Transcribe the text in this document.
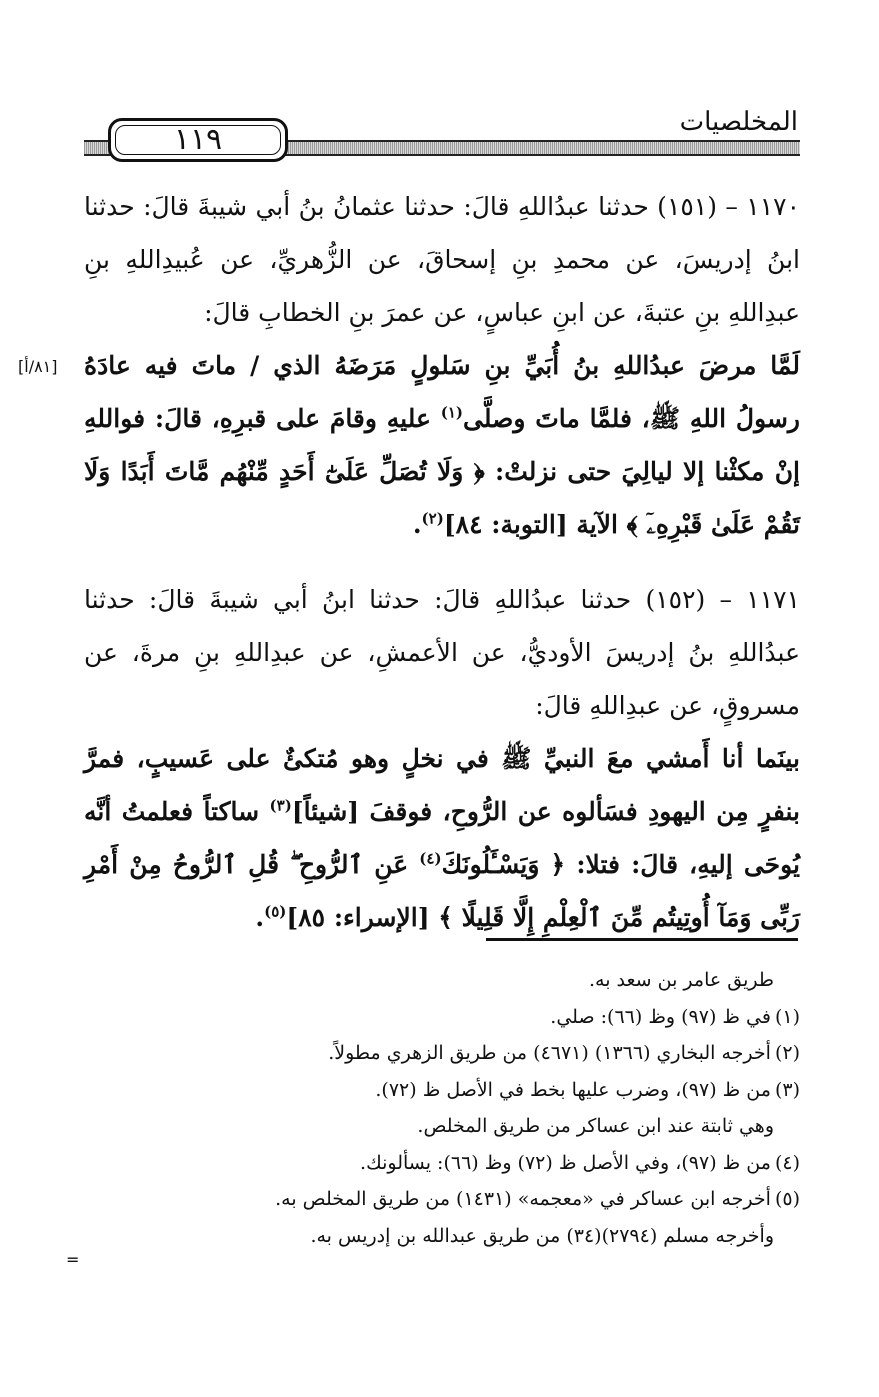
١١٩	المخلصيات
[٨١/أ]

١١٧٠ – (١٥١) حدثنا عبدُاللهِ قالَ: حدثنا عثمانُ بنُ أبي شيبةَ قالَ: حدثنا ابنُ إدريسَ، عن محمدِ بنِ إسحاقَ، عن الزُّهريِّ، عن عُبيدِاللهِ بنِ عبدِاللهِ بنِ عتبةَ، عن ابنِ عباسٍ، عن عمرَ بنِ الخطابِ قالَ:

لَمَّا مرضَ عبدُاللهِ بنُ أُبَيِّ بنِ سَلولٍ مَرَضَهُ الذي / ماتَ فيه عادَهُ رسولُ اللهِ ﷺ، فلمَّا ماتَ وصلَّى$^{(١)}$ عليهِ وقامَ على قبرِهِ، قالَ: فواللهِ إنْ مكثْنا إلا ليالِيَ حتى نزلتْ: ﴿ وَلَا تُصَلِّ عَلَىٰٓ أَحَدٍ مِّنْهُم مَّاتَ أَبَدًا وَلَا تَقُمْ عَلَىٰ قَبْرِهِۦٓ ﴾ الآية [التوبة: ٨٤]$^{(٢)}$.

١١٧١ – (١٥٢) حدثنا عبدُاللهِ قالَ: حدثنا ابنُ أبي شيبةَ قالَ: حدثنا عبدُاللهِ بنُ إدريسَ الأوديُّ، عن الأعمشِ، عن عبدِاللهِ بنِ مرةَ، عن مسروقٍ، عن عبدِاللهِ قالَ:

بينَما أنا أَمشي معَ النبيِّ ﷺ في نخلٍ وهو مُتكئٌ على عَسيبٍ، فمرَّ بنفرٍ مِن اليهودِ فسَألوه عن الرُّوحِ، فوقفَ [شيئاً]$^{(٣)}$ ساكتاً فعلمتُ أنَّه يُوحَى إليهِ، قالَ: فتلا: ﴿ وَيَسْـَٔلُونَكَ$^{(٤)}$ عَنِ ٱلرُّوحِ ۖ قُلِ ٱلرُّوحُ مِنْ أَمْرِ رَبِّى وَمَآ أُوتِيتُم مِّنَ ٱلْعِلْمِ إِلَّا قَلِيلًا ﴾ [الإسراء: ٨٥]$^{(٥)}$.

طريق عامر بن سعد به.

(١)في ظ (٩٧) وظ (٦٦): صلي.

(٢)أخرجه البخاري (١٣٦٦) (٤٦٧١) من طريق الزهري مطولاً.

(٣)من ظ (٩٧)، وضرب عليها بخط في الأصل ظ (٧٢).

وهي ثابتة عند ابن عساكر من طريق المخلص.

(٤)من ظ (٩٧)، وفي الأصل ظ (٧٢) وظ (٦٦): يسألونك.

(٥)أخرجه ابن عساكر في «معجمه» (١٤٣١) من طريق المخلص به.

وأخرجه مسلم (٢٧٩٤)(٣٤) من طريق عبدالله بن إدريس به.

=
